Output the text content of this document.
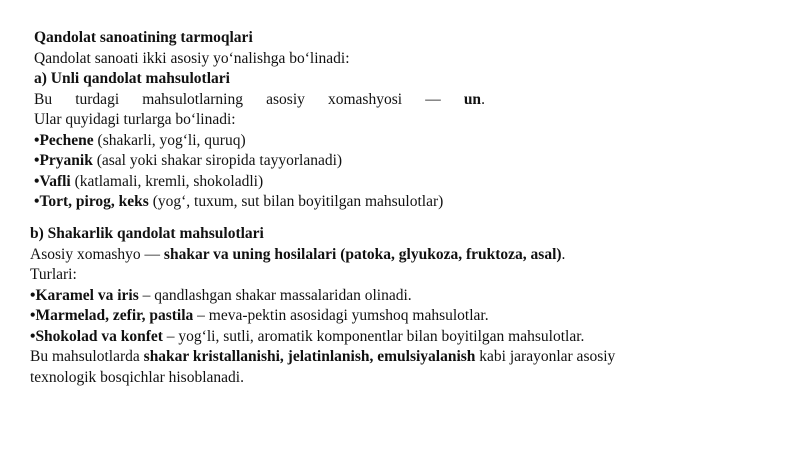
Qandolat sanoatining tarmoqlari
Qandolat sanoati ikki asosiy yo‘nalishga bo‘linadi:
a) Unli qandolat mahsulotlari
Bu turdagi mahsulotlarning asosiy xomashyosi — un.
Ular quyidagi turlarga bo‘linadi:
•Pechene (shakarli, yog‘li, quruq)
•Pryanik (asal yoki shakar siropida tayyorlanadi)
•Vafli (katlamali, kremli, shokoladli)
•Tort, pirog, keks (yog‘, tuxum, sut bilan boyitilgan mahsulotlar)
b) Shakarlik qandolat mahsulotlari
Asosiy xomashyo — shakar va uning hosilalari (patoka, glyukoza, fruktoza, asal).
Turlari:
•Karamel va iris – qandlashgan shakar massalaridan olinadi.
•Marmelad, zefir, pastila – meva-pektin asosidagi yumshoq mahsulotlar.
•Shokolad va konfet – yog‘li, sutli, aromatik komponentlar bilan boyitilgan mahsulotlar.
Bu mahsulotlarda shakar kristallanishi, jelatinlanish, emulsiyalanish kabi jarayonlar asosiy
texnologik bosqichlar hisoblanadi.
